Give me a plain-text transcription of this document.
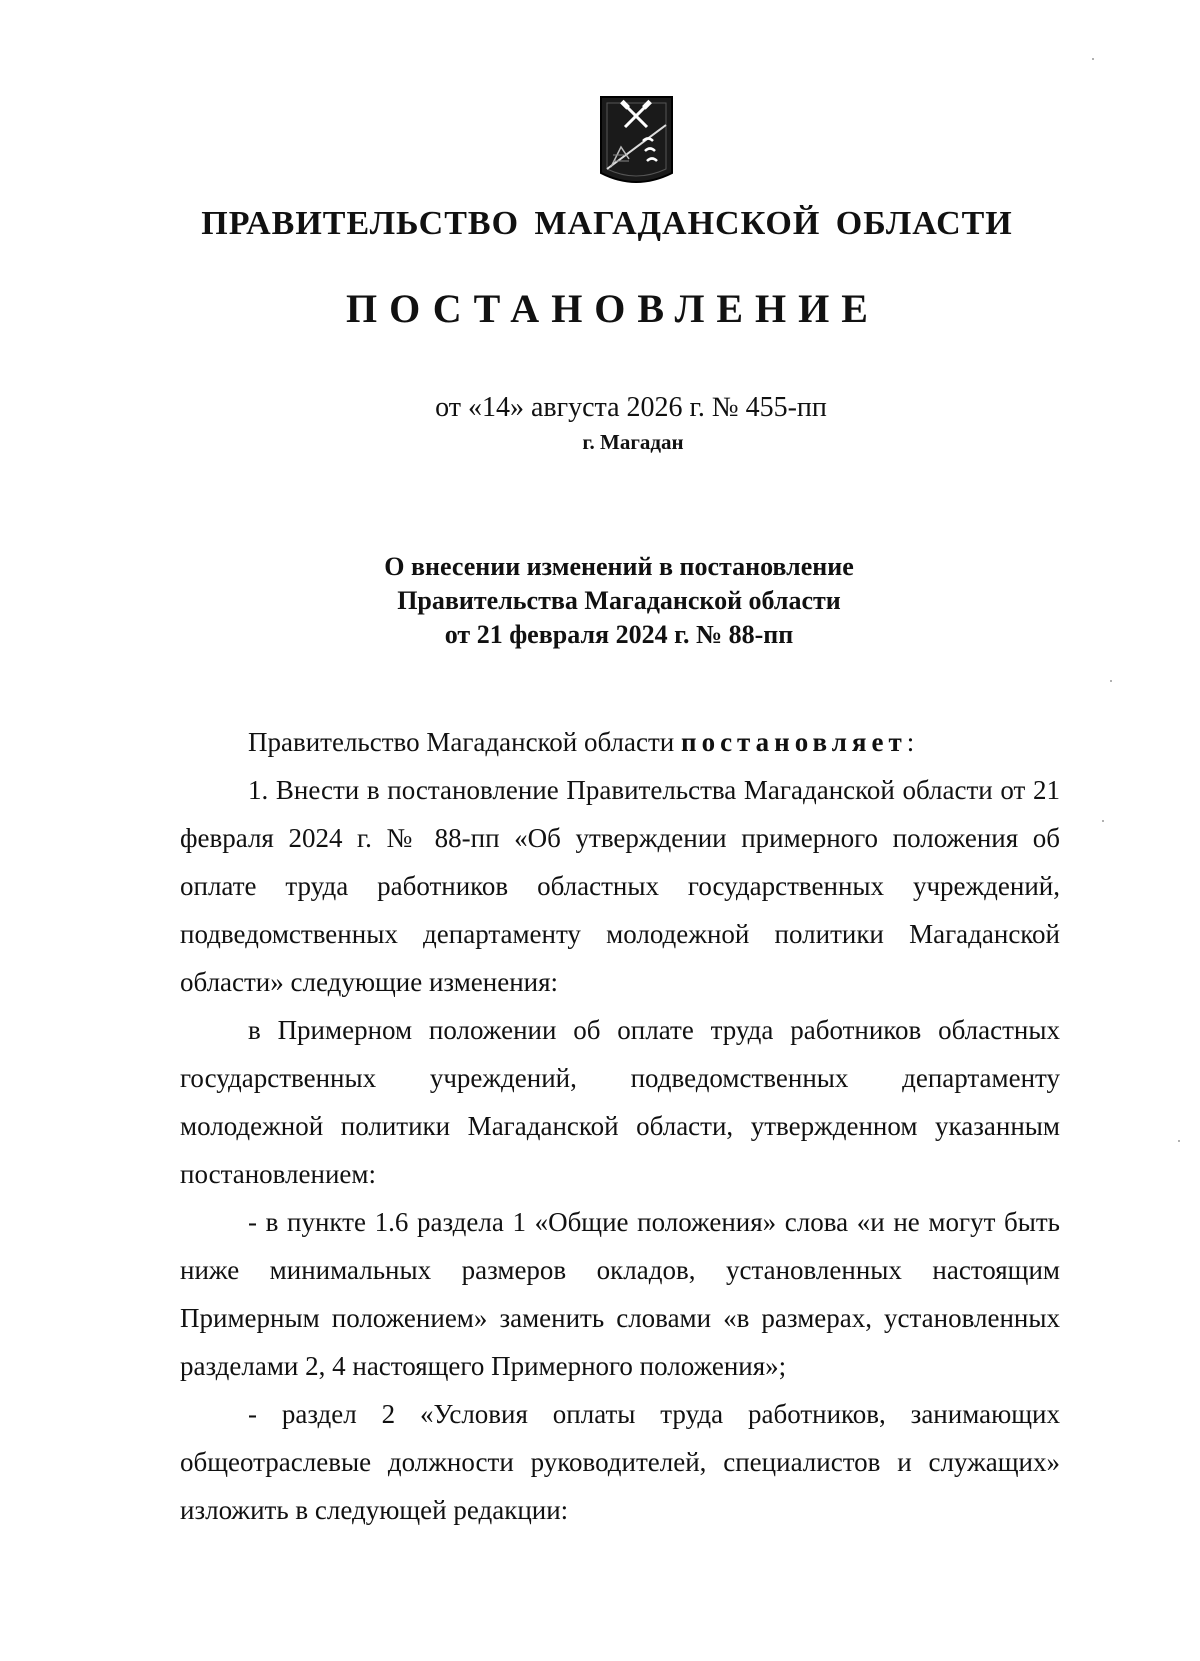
ПРАВИТЕЛЬСТВО МАГАДАНСКОЙ ОБЛАСТИ
ПОСТАНОВЛЕНИЕ
от «14» августа 2026 г. № 455-пп
г. Магадан
О внесении изменений в постановление
Правительства Магаданской области
от 21 февраля 2024 г. № 88-пп

Правительство Магаданской области постановляет:

1. Внести в постановление Правительства Магаданской области от 21 февраля 2024 г. № 88-пп «Об утверждении примерного положения об оплате труда работников областных государственных учреждений, подведомственных департаменту молодежной политики Магаданской области» следующие изменения:

в Примерном положении об оплате труда работников областных государственных учреждений, подведомственных департаменту молодежной политики Магаданской области, утвержденном указанным постановлением:

- в пункте 1.6 раздела 1 «Общие положения» слова «и не могут быть ниже минимальных размеров окладов, установленных настоящим Примерным положением» заменить словами «в размерах, установленных разделами 2, 4 настоящего Примерного положения»;

- раздел 2 «Условия оплаты труда работников, занимающих общеотраслевые должности руководителей, специалистов и служащих» изложить в следующей редакции:
